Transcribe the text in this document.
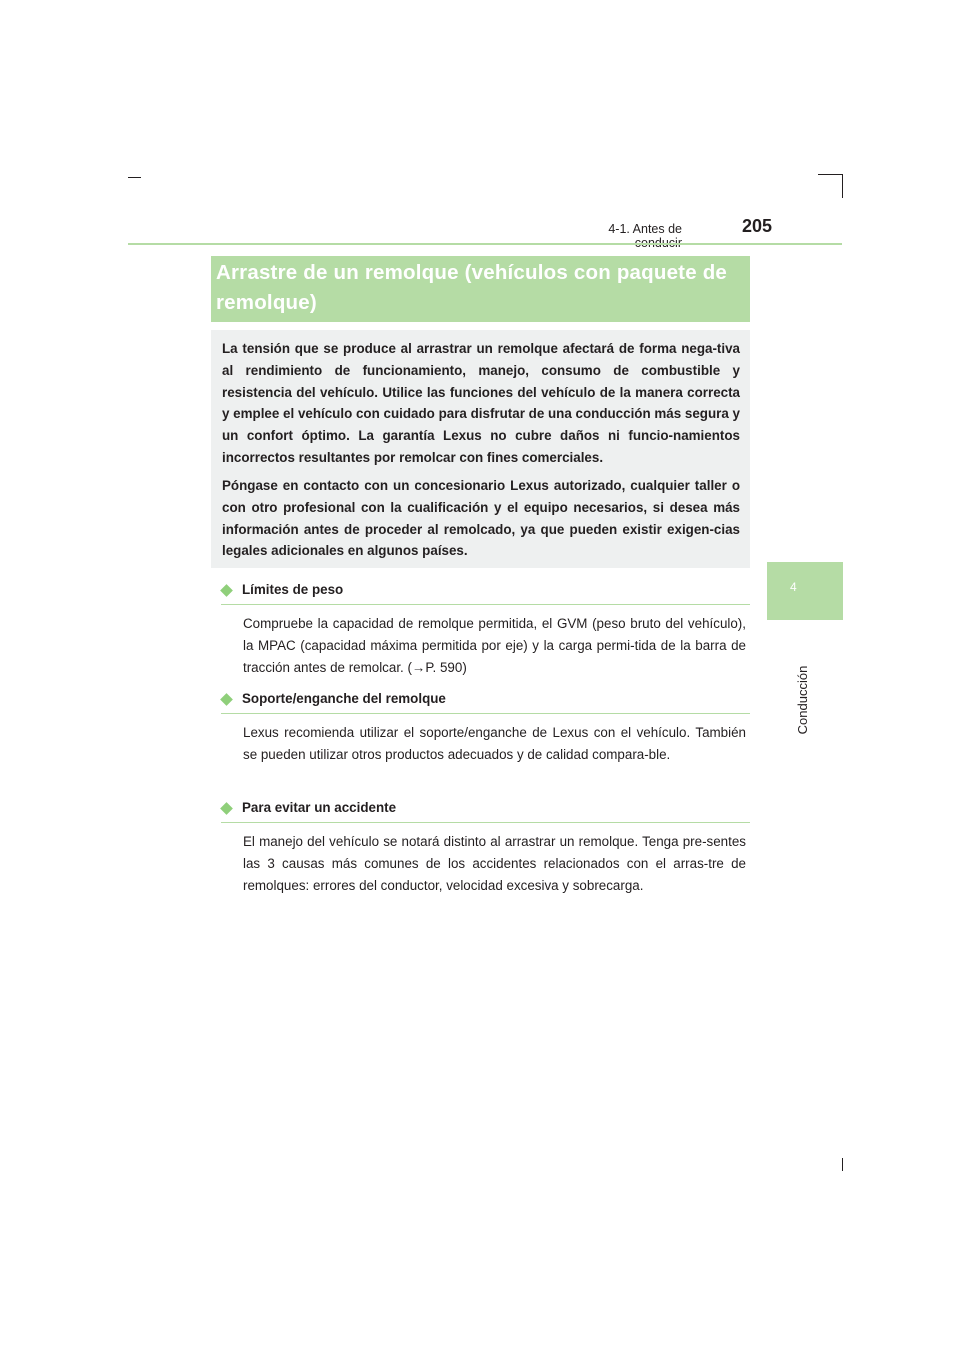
4-1. Antes de	205
4
Conducción
Arrastre de un remolque (vehículos con paquete de remolque)

La tensión que se produce al arrastrar un remolque afectará de forma nega-tiva al rendimiento de funcionamiento, manejo, consumo de combustible y resistencia del vehículo. Utilice las funciones del vehículo de la manera correcta y emplee el vehículo con cuidado para disfrutar de una conducción más segura y un confort óptimo. La garantía Lexus no cubre daños ni funcio-namientos incorrectos resultantes por remolcar con fines comerciales.

Póngase en contacto con un concesionario Lexus autorizado, cualquier taller o con otro profesional con la cualificación y el equipo necesarios, si desea más información antes de proceder al remolcado, ya que pueden existir exigen-cias legales adicionales en algunos países.

Límites de peso

Compruebe la capacidad de remolque permitida, el GVM (peso bruto del vehículo), la MPAC (capacidad máxima permitida por eje) y la carga permi-tida de la barra de tracción antes de remolcar. (→P. 590)

Soporte/enganche del remolque

Lexus recomienda utilizar el soporte/enganche de Lexus con el vehículo. También se pueden utilizar otros productos adecuados y de calidad compara-ble.

Para evitar un accidente

El manejo del vehículo se notará distinto al arrastrar un remolque. Tenga pre-sentes las 3 causas más comunes de los accidentes relacionados con el arras-tre de remolques: errores del conductor, velocidad excesiva y sobrecarga.
